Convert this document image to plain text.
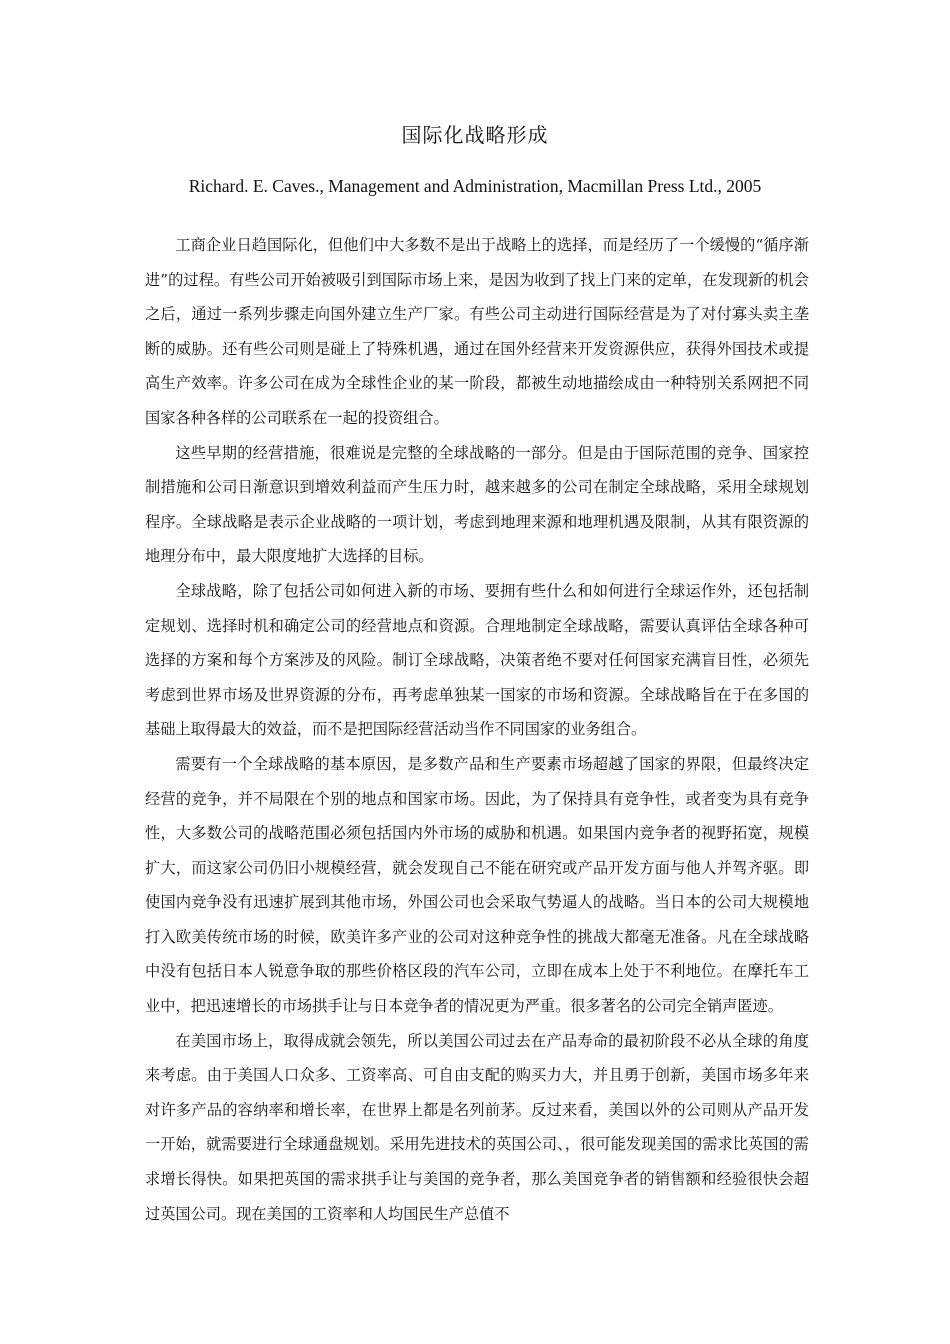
国际化战略形成
Richard. E. Caves., Management and Administration, Macmillan Press Ltd., 2005

工商企业日趋国际化，但他们中大多数不是出于战略上的选择，而是经历了一个缓慢的“循序渐进”的过程。有些公司开始被吸引到国际市场上来，是因为收到了找上门来的定单，在发现新的机会之后，通过一系列步骤走向国外建立生产厂家。有些公司主动进行国际经营是为了对付寡头卖主垄断的威胁。还有些公司则是碰上了特殊机遇，通过在国外经营来开发资源供应，获得外国技术或提高生产效率。许多公司在成为全球性企业的某一阶段，都被生动地描绘成由一种特别关系网把不同国家各种各样的公司联系在一起的投资组合。

这些早期的经营措施，很难说是完整的全球战略的一部分。但是由于国际范围的竞争、国家控制措施和公司日渐意识到增效利益而产生压力时，越来越多的公司在制定全球战略，采用全球规划程序。全球战略是表示企业战略的一项计划，考虑到地理来源和地理机遇及限制，从其有限资源的地理分布中，最大限度地扩大选择的目标。

全球战略，除了包括公司如何进入新的市场、要拥有些什么和如何进行全球运作外，还包括制定规划、选择时机和确定公司的经营地点和资源。合理地制定全球战略，需要认真评估全球各种可选择的方案和每个方案涉及的风险。制订全球战略，决策者绝不要对任何国家充满盲目性，必须先考虑到世界市场及世界资源的分布，再考虑单独某一国家的市场和资源。全球战略旨在于在多国的基础上取得最大的效益，而不是把国际经营活动当作不同国家的业务组合。

需要有一个全球战略的基本原因，是多数产品和生产要素市场超越了国家的界限，但最终决定经营的竞争，并不局限在个别的地点和国家市场。因此，为了保持具有竞争性，或者变为具有竞争性，大多数公司的战略范围必须包括国内外市场的威胁和机遇。如果国内竞争者的视野拓宽，规模扩大，而这家公司仍旧小规模经营，就会发现自己不能在研究或产品开发方面与他人并驾齐驱。即使国内竞争没有迅速扩展到其他市场，外国公司也会采取气势逼人的战略。当日本的公司大规模地打入欧美传统市场的时候，欧美许多产业的公司对这种竞争性的挑战大都毫无准备。凡在全球战略中没有包括日本人锐意争取的那些价格区段的汽车公司，立即在成本上处于不利地位。在摩托车工业中，把迅速增长的市场拱手让与日本竞争者的情况更为严重。很多著名的公司完全销声匿迹。

在美国市场上，取得成就会领先，所以美国公司过去在产品寿命的最初阶段不必从全球的角度来考虑。由于美国人口众多、工资率高、可自由支配的购买力大，并且勇于创新，美国市场多年来对许多产品的容纳率和增长率，在世界上都是名列前茅。反过来看，美国以外的公司则从产品开发一开始，就需要进行全球通盘规划。采用先进技术的英国公司、，很可能发现美国的需求比英国的需求增长得快。如果把英国的需求拱手让与美国的竞争者，那么美国竞争者的销售额和经验很快会超过英国公司。现在美国的工资率和人均国民生产总值不
